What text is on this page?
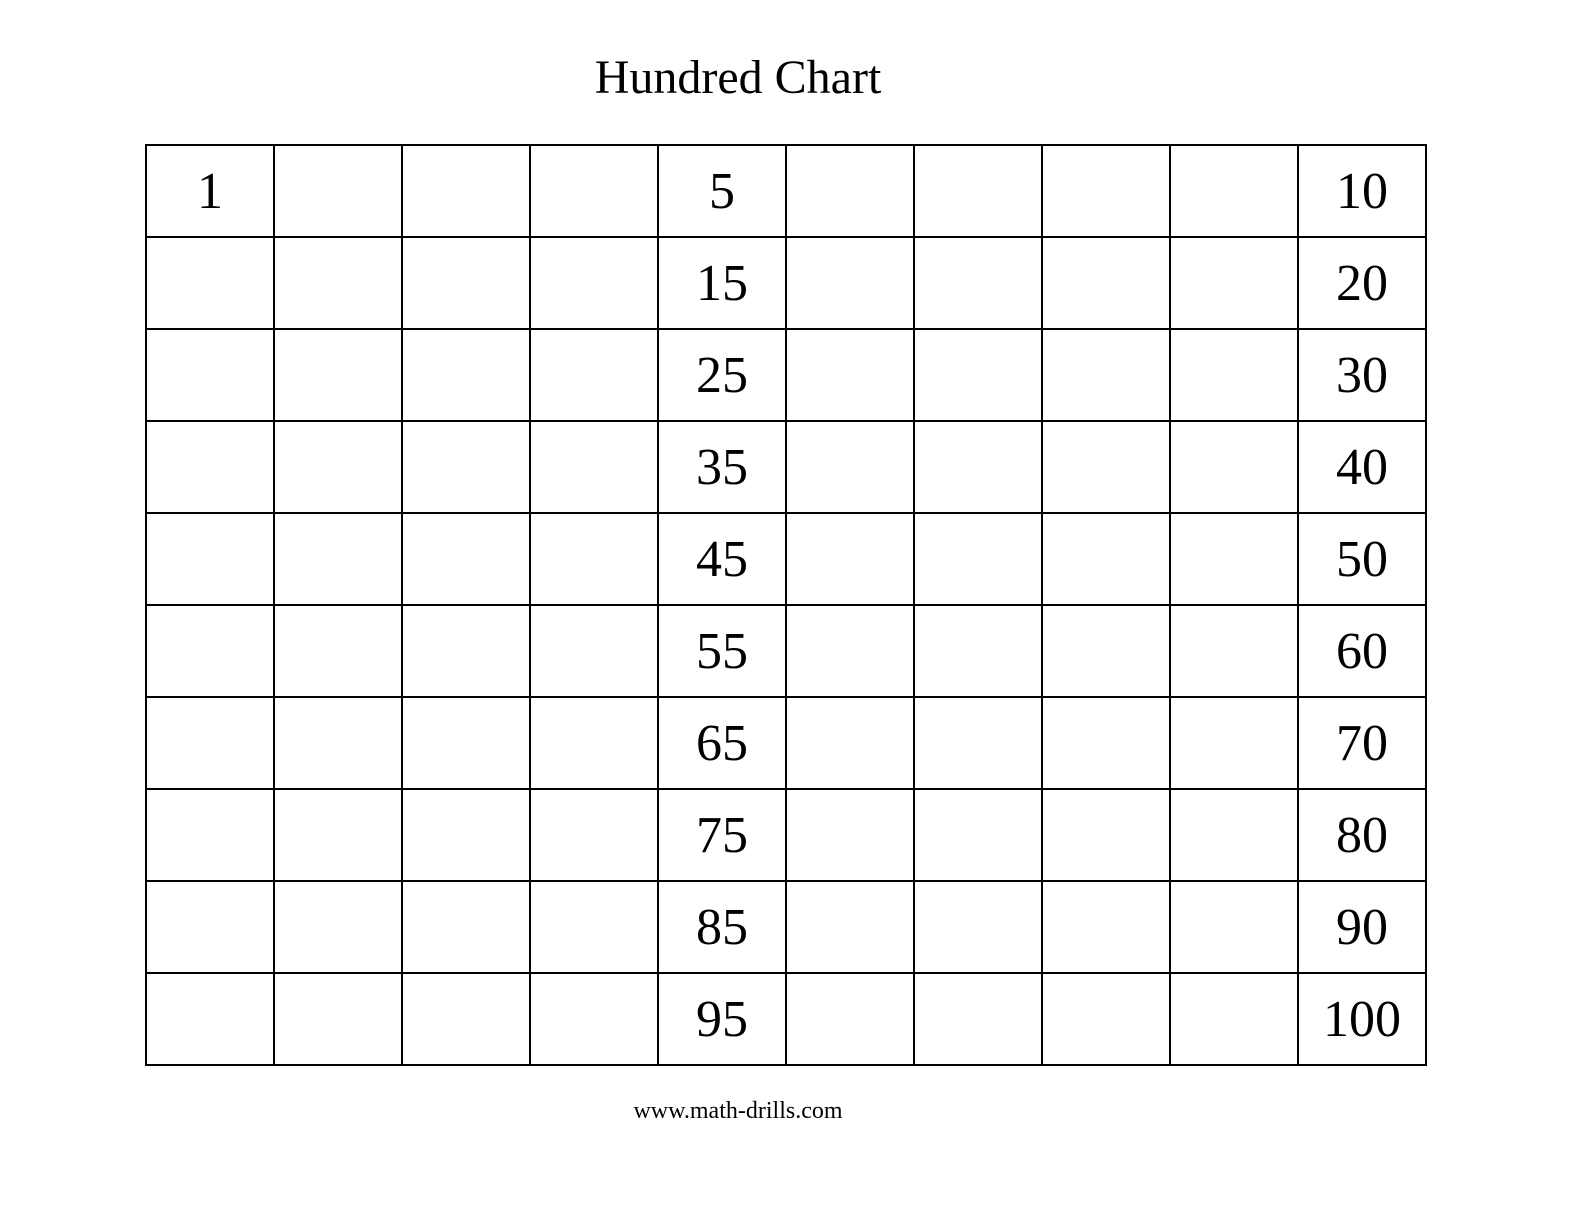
Hundred Chart
1				5					10
				15					20
				25					30
				35					40
				45					50
				55					60
				65					70
				75					80
				85					90
				95					100
www.math-drills.com
